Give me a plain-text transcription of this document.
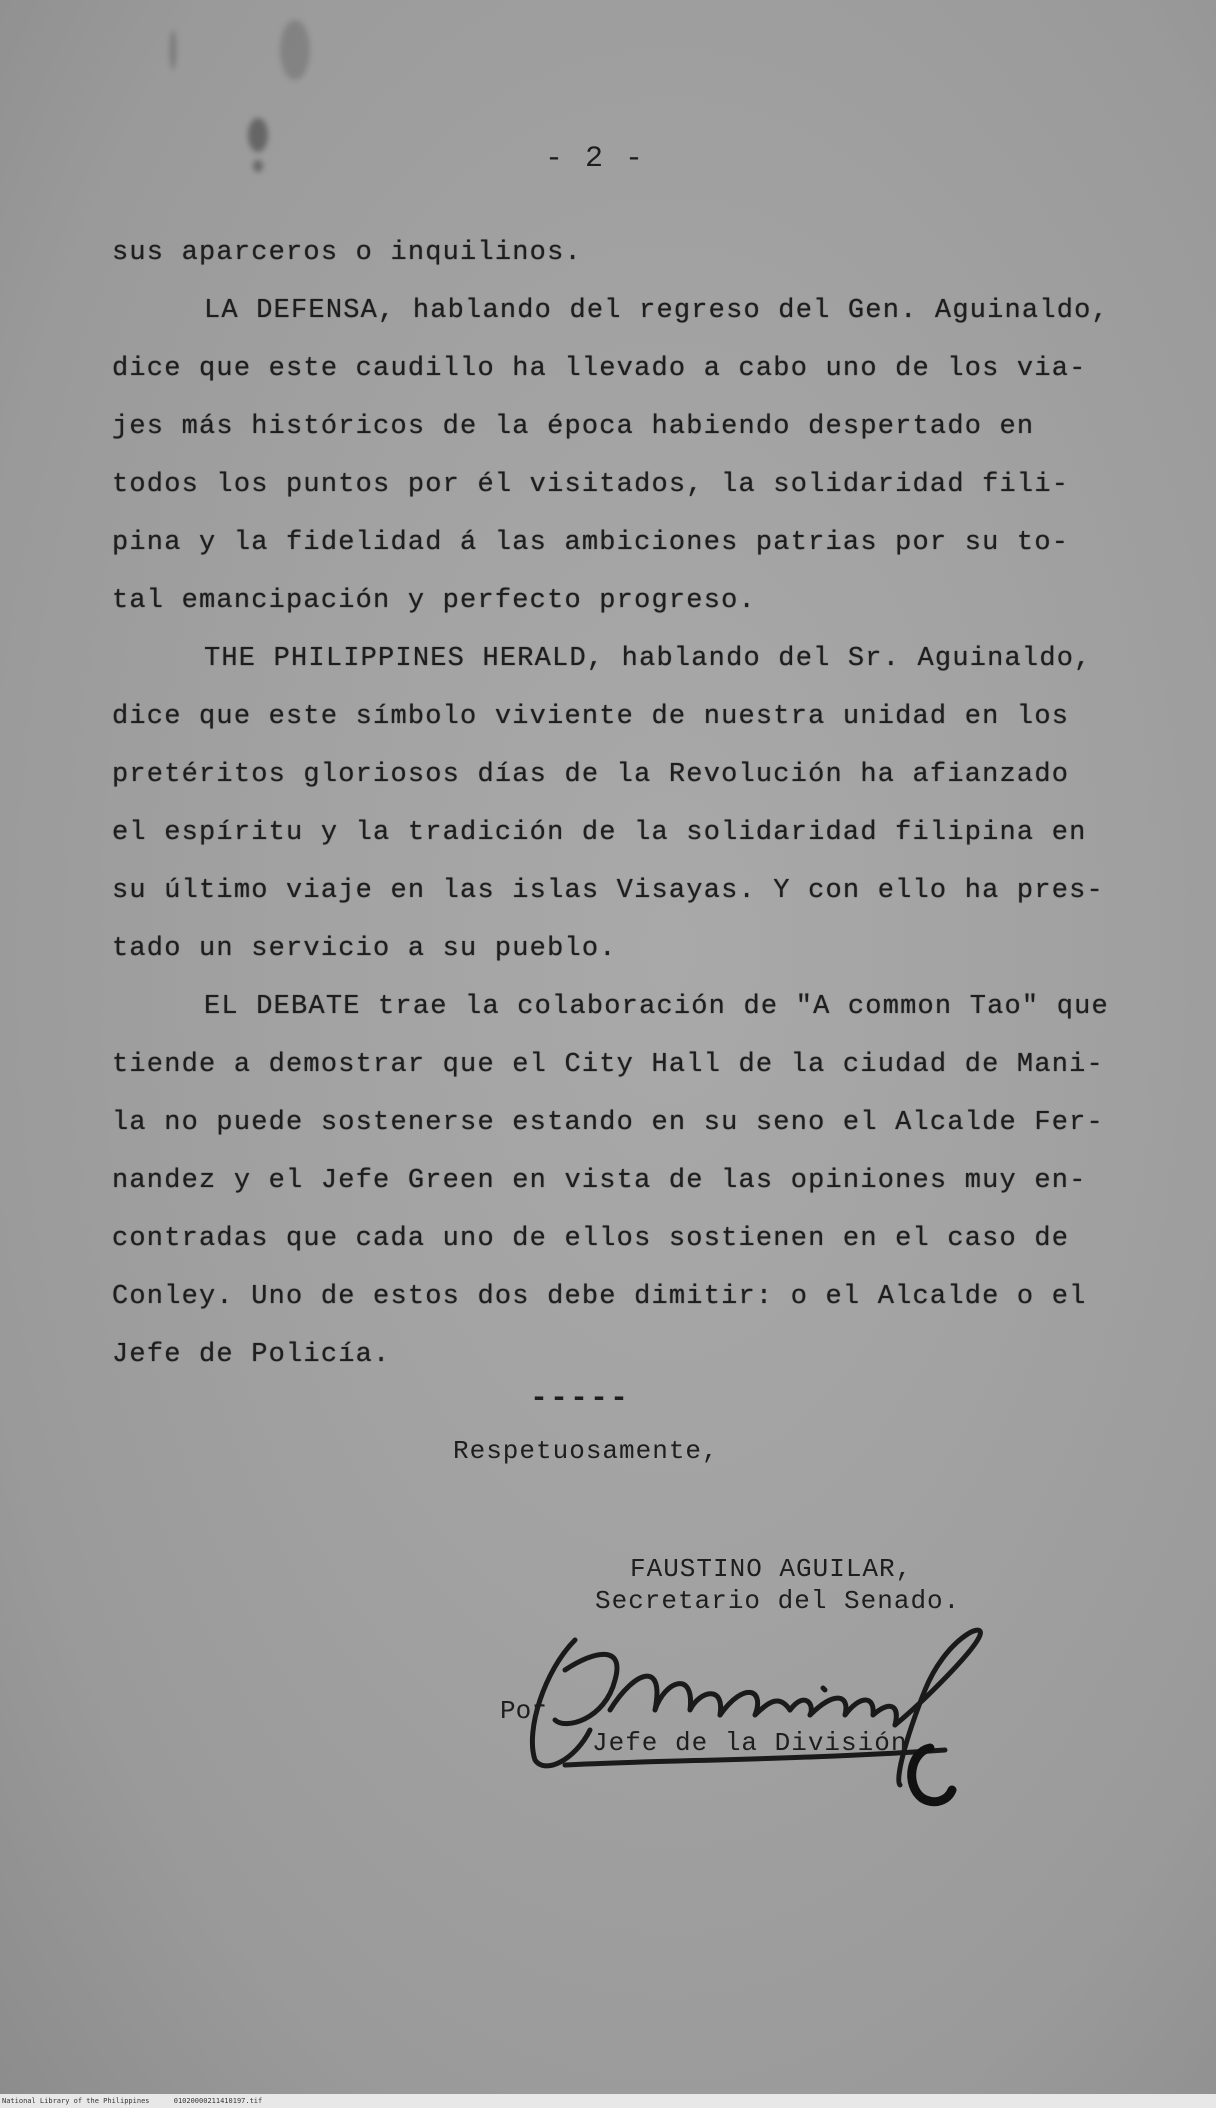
- 2 -
sus aparceros o inquilinos.
LA DEFENSA, hablando del regreso del Gen. Aguinaldo,
dice que este caudillo ha llevado a cabo uno de los via-
jes más históricos de la época habiendo despertado en
todos los puntos por él visitados, la solidaridad fili-
pina y la fidelidad á las ambiciones patrias por su to-
tal emancipación y perfecto progreso.
THE PHILIPPINES HERALD, hablando del Sr. Aguinaldo,
dice que este símbolo viviente de nuestra unidad en los
pretéritos gloriosos días de la Revolución ha afianzado
el espíritu y la tradición de la solidaridad filipina en
su último viaje en las islas Visayas. Y con ello ha pres-
tado un servicio a su pueblo.
EL DEBATE trae la colaboración de "A common Tao" que
tiende a demostrar que el City Hall de la ciudad de Mani-
la no puede sostenerse estando en su seno el Alcalde Fer-
nandez y el Jefe Green en vista de las opiniones muy en-
contradas que cada uno de ellos sostienen en el caso de
Conley. Uno de estos dos debe dimitir: o el Alcalde o el
Jefe de Policía.
-----
Respetuosamente,
FAUSTINO AGUILAR,
Secretario del Senado.
Por
Jefe de la División
National Library of the Philippines	01020000211410197.tif
